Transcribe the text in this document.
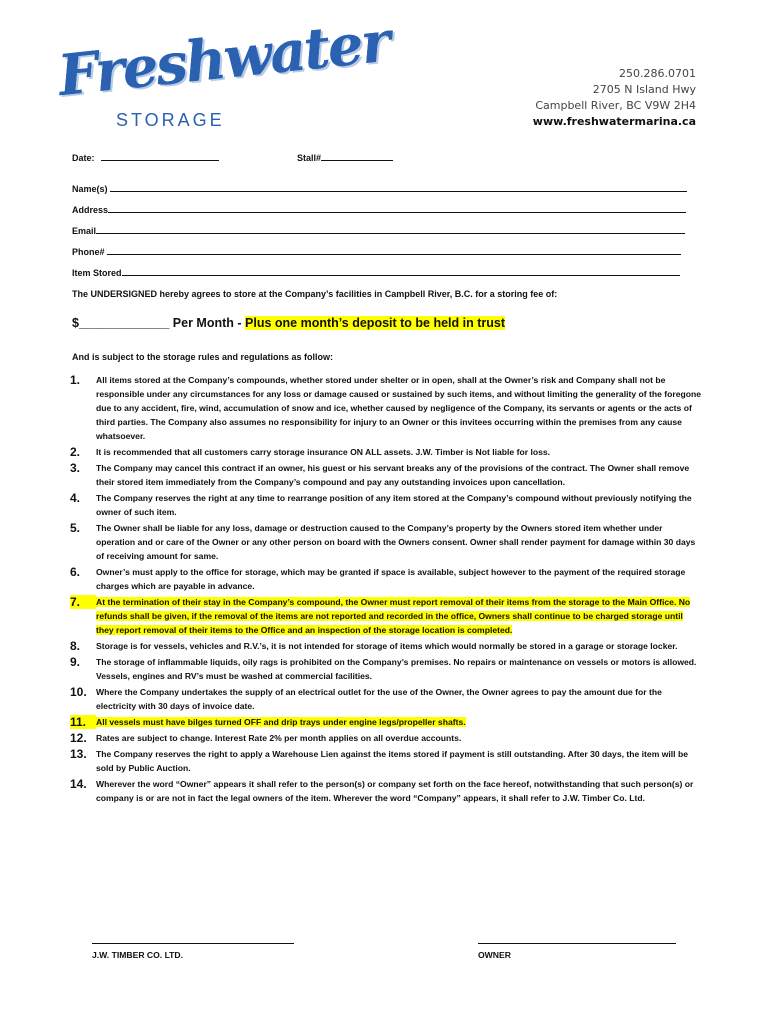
Freshwater
STORAGE
250.286.0701
2705 N Island Hwy
Campbell River, BC V9W 2H4
www.freshwatermarina.ca
Date:	Stall#
Name(s)
Address
Email
Phone#
Item Stored
The UNDERSIGNED hereby agrees to store at the Company’s facilities in Campbell River, B.C. for a storing fee of:
$_____________ Per Month - Plus one month’s deposit to be held in trust
And is subject to the storage rules and regulations as follow:
1.	All items stored at the Company’s compounds, whether stored under shelter or in open, shall at the Owner’s risk and Company shall not be responsible under any circumstances for any loss or damage caused or sustained by such items, and without limiting the generality of the foregone due to any accident, fire, wind, accumulation of snow and ice, whether caused by negligence of the Company, its servants or agents or the acts of third parties. The Company also assumes no responsibility for injury to an Owner or this invitees occurring within the premises from any cause whatsoever.
2.	It is recommended that all customers carry storage insurance ON ALL assets. J.W. Timber is Not liable for loss.
3.	The Company may cancel this contract if an owner, his guest or his servant breaks any of the provisions of the contract. The Owner shall remove their stored item immediately from the Company’s compound and pay any outstanding invoices upon cancellation.
4.	The Company reserves the right at any time to rearrange position of any item stored at the Company’s compound without previously notifying the owner of such item.
5.	The Owner shall be liable for any loss, damage or destruction caused to the Company’s property by the Owners stored item whether under operation and or care of the Owner or any other person on board with the Owners consent. Owner shall render payment for damage within 30 days of receiving amount for same.
6.	Owner’s must apply to the office for storage, which may be granted if space is available, subject however to the payment of the required storage charges which are payable in advance.
7.	At the termination of their stay in the Company’s compound, the Owner must report removal of their items from the storage to the Main Office. No refunds shall be given, if the removal of the items are not reported and recorded in the office, Owners shall continue to be charged storage until they report removal of their items to the Office and an inspection of the storage location is completed.
8.	Storage is for vessels, vehicles and R.V.’s, it is not intended for storage of items which would normally be stored in a garage or storage locker.
9.	The storage of inflammable liquids, oily rags is prohibited on the Company’s premises. No repairs or maintenance on vessels or motors is allowed. Vessels, engines and RV’s must be washed at commercial facilities.
10.	Where the Company undertakes the supply of an electrical outlet for the use of the Owner, the Owner agrees to pay the amount due for the electricity with 30 days of invoice date.
11.	All vessels must have bilges turned OFF and drip trays under engine legs/propeller shafts.
12.	Rates are subject to change. Interest Rate 2% per month applies on all overdue accounts.
13.	The Company reserves the right to apply a Warehouse Lien against the items stored if payment is still outstanding. After 30 days, the item will be sold by Public Auction.
14.	Wherever the word “Owner” appears it shall refer to the person(s) or company set forth on the face hereof, notwithstanding that such person(s) or company is or are not in fact the legal owners of the item. Wherever the word “Company” appears, it shall refer to J.W. Timber Co. Ltd.
J.W. TIMBER CO. LTD.	OWNER
